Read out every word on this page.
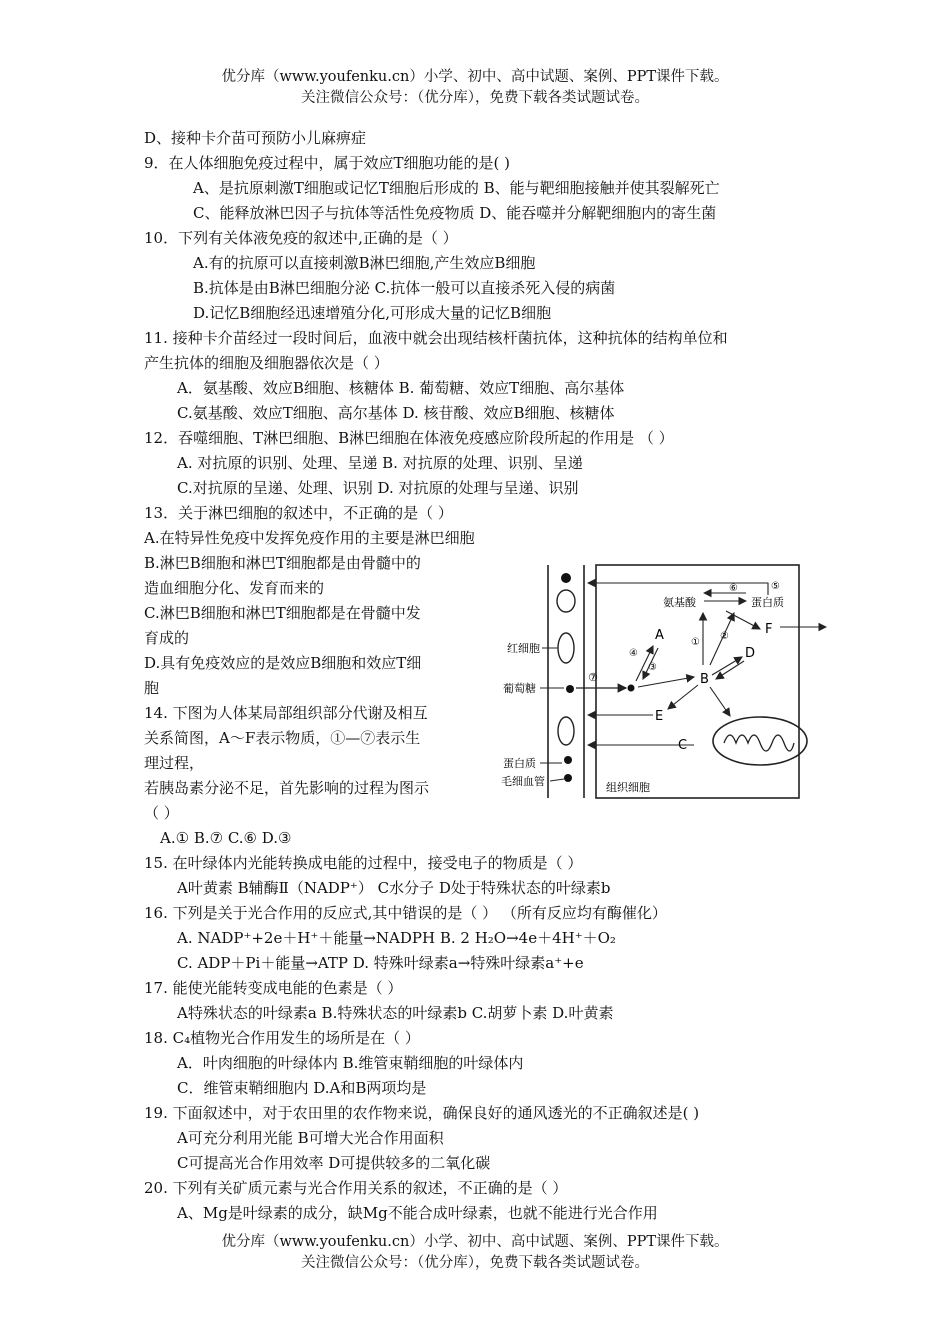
优分库（www.youfenku.cn）小学、初中、高中试题、案例、PPT课件下载。
关注微信公众号：（优分库），免费下载各类试题试卷。
D、接种卡介苗可预防小儿麻痹症
9．在人体细胞免疫过程中，属于效应T细胞功能的是( )
A、是抗原刺激T细胞或记忆T细胞后形成的 B、能与靶细胞接触并使其裂解死亡
C、能释放淋巴因子与抗体等活性免疫物质 D、能吞噬并分解靶细胞内的寄生菌
10．下列有关体液免疫的叙述中,正确的是（ ）
A.有的抗原可以直接刺激B淋巴细胞,产生效应B细胞
B.抗体是由B淋巴细胞分泌 C.抗体一般可以直接杀死入侵的病菌
D.记忆B细胞经迅速增殖分化,可形成大量的记忆B细胞
11. 接种卡介苗经过一段时间后，血液中就会出现结核杆菌抗体，这种抗体的结构单位和
产生抗体的细胞及细胞器依次是（ ）
A．氨基酸、效应B细胞、核糖体 B. 葡萄糖、效应T细胞、高尔基体
C.氨基酸、效应T细胞、高尔基体 D. 核苷酸、效应B细胞、核糖体
12．吞噬细胞、T淋巴细胞、B淋巴细胞在体液免疫感应阶段所起的作用是 （ ）
A. 对抗原的识别、处理、呈递 B. 对抗原的处理、识别、呈递
C.对抗原的呈递、处理、识别 D. 对抗原的处理与呈递、识别
13．关于淋巴细胞的叙述中，不正确的是（ ）
A.在特异性免疫中发挥免疫作用的主要是淋巴细胞
B.淋巴B细胞和淋巴T细胞都是由骨髓中的
造血细胞分化、发育而来的
C.淋巴B细胞和淋巴T细胞都是在骨髓中发
育成的
D.具有免疫效应的是效应B细胞和效应T细
胞
14. 下图为人体某局部组织部分代谢及相互
关系简图，A～F表示物质，①—⑦表示生
理过程，
若胰岛素分泌不足，首先影响的过程为图示
（ ）
A.① B.⑦ C.⑥ D.③
15. 在叶绿体内光能转换成电能的过程中，接受电子的物质是（ ）
A叶黄素 B辅酶Ⅱ（NADP⁺） C水分子 D处于特殊状态的叶绿素b
16. 下列是关于光合作用的反应式,其中错误的是（ ） （所有反应均有酶催化）
A. NADP⁺+2e＋H⁺＋能量→NADPH B. 2 H₂O→4e＋4H⁺＋O₂
C. ADP＋Pi＋能量→ATP D. 特殊叶绿素a→特殊叶绿素a⁺+e
17. 能使光能转变成电能的色素是（ ）
A特殊状态的叶绿素a B.特殊状态的叶绿素b C.胡萝卜素 D.叶黄素
18. C₄植物光合作用发生的场所是在（ ）
A．叶肉细胞的叶绿体内 B.维管束鞘细胞的叶绿体内
C．维管束鞘细胞内 D.A和B两项均是
19. 下面叙述中，对于农田里的农作物来说，确保良好的通风透光的不正确叙述是( )
A可充分利用光能 B可增大光合作用面积
C可提高光合作用效率 D可提供较多的二氧化碳
20. 下列有关矿质元素与光合作用关系的叙述，不正确的是（ ）
A、Mg是叶绿素的成分，缺Mg不能合成叶绿素，也就不能进行光合作用
红细胞
葡萄糖
蛋白质
毛细血管	组织细胞
⑦
氨基酸	蛋白质
⑥	⑤
A
B
C
D
E
F
④
③
①
②
优分库（www.youfenku.cn）小学、初中、高中试题、案例、PPT课件下载。
关注微信公众号：（优分库），免费下载各类试题试卷。
